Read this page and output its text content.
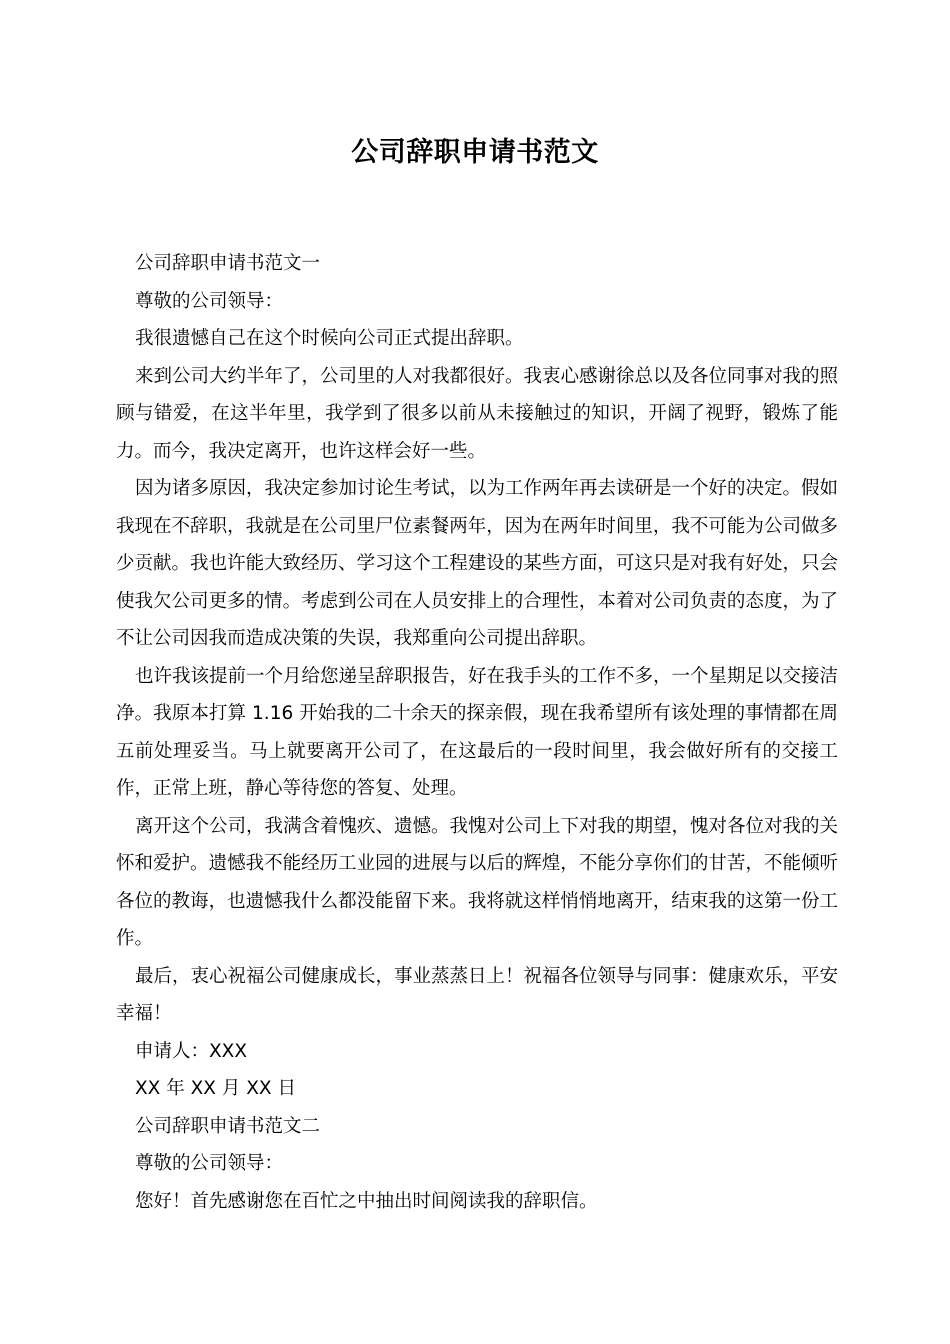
公司辞职申请书范文

公司辞职申请书范文一

尊敬的公司领导：

我很遗憾自己在这个时候向公司正式提出辞职。

来到公司大约半年了，公司里的人对我都很好。我衷心感谢徐总以及各位同事对我的照顾与错爱，在这半年里，我学到了很多以前从未接触过的知识，开阔了视野，锻炼了能力。而今，我决定离开，也许这样会好一些。

因为诸多原因，我决定参加讨论生考试，以为工作两年再去读研是一个好的决定。假如我现在不辞职，我就是在公司里尸位素餐两年，因为在两年时间里，我不可能为公司做多少贡献。我也许能大致经历、学习这个工程建设的某些方面，可这只是对我有好处，只会使我欠公司更多的情。考虑到公司在人员安排上的合理性，本着对公司负责的态度，为了不让公司因我而造成决策的失误，我郑重向公司提出辞职。

也许我该提前一个月给您递呈辞职报告，好在我手头的工作不多，一个星期足以交接洁净。我原本打算 1.16 开始我的二十余天的探亲假，现在我希望所有该处理的事情都在周五前处理妥当。马上就要离开公司了，在这最后的一段时间里，我会做好所有的交接工作，正常上班，静心等待您的答复、处理。

离开这个公司，我满含着愧疚、遗憾。我愧对公司上下对我的期望，愧对各位对我的关怀和爱护。遗憾我不能经历工业园的进展与以后的辉煌，不能分享你们的甘苦，不能倾听各位的教诲，也遗憾我什么都没能留下来。我将就这样悄悄地离开，结束我的这第一份工作。

最后，衷心祝福公司健康成长，事业蒸蒸日上！祝福各位领导与同事：健康欢乐，平安幸福！

申请人：XXX

XX 年 XX 月 XX 日

公司辞职申请书范文二

尊敬的公司领导：

您好！首先感谢您在百忙之中抽出时间阅读我的辞职信。
